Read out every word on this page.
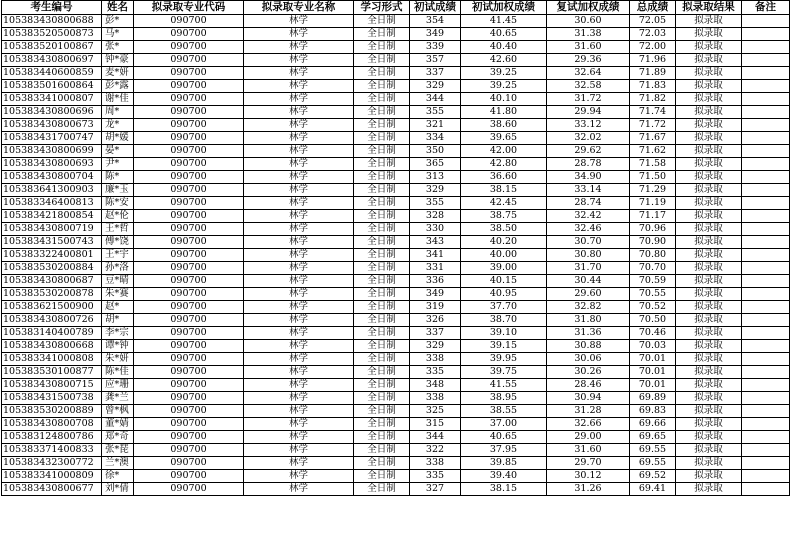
考生编号	姓名	拟录取专业代码	拟录取专业名称	学习形式	初试成绩	初试加权成绩	复试加权成绩	总成绩	拟录取结果	备注
105383430800688	彭*	090700	林学	全日制	354	41.45	30.60	72.05	拟录取	
105383520500873	马*	090700	林学	全日制	349	40.65	31.38	72.03	拟录取	
105383520100867	张*	090700	林学	全日制	339	40.40	31.60	72.00	拟录取	
105383430800697	钟*豪	090700	林学	全日制	357	42.60	29.36	71.96	拟录取	
105383440600859	麦*妍	090700	林学	全日制	337	39.25	32.64	71.89	拟录取	
105383501600864	彭*露	090700	林学	全日制	329	39.25	32.58	71.83	拟录取	
105383341000807	谢*佳	090700	林学	全日制	344	40.10	31.72	71.82	拟录取	
105383430800696	周*	090700	林学	全日制	355	41.80	29.94	71.74	拟录取	
105383430800673	龙*	090700	林学	全日制	321	38.60	33.12	71.72	拟录取	
105383431700747	胡*媛	090700	林学	全日制	334	39.65	32.02	71.67	拟录取	
105383430800699	晏*	090700	林学	全日制	350	42.00	29.62	71.62	拟录取	
105383430800693	尹*	090700	林学	全日制	365	42.80	28.78	71.58	拟录取	
105383430800704	陈*	090700	林学	全日制	313	36.60	34.90	71.50	拟录取	
105383641300903	廉*玉	090700	林学	全日制	329	38.15	33.14	71.29	拟录取	
105383346400813	陈*安	090700	林学	全日制	355	42.45	28.74	71.19	拟录取	
105383421800854	赵*伦	090700	林学	全日制	328	38.75	32.42	71.17	拟录取	
105383430800719	王*哲	090700	林学	全日制	330	38.50	32.46	70.96	拟录取	
105383431500743	傅*饶	090700	林学	全日制	343	40.20	30.70	70.90	拟录取	
105383322400801	王*宇	090700	林学	全日制	341	40.00	30.80	70.80	拟录取	
105383530200884	孙*洛	090700	林学	全日制	331	39.00	31.70	70.70	拟录取	
105383430800687	豆*晴	090700	林学	全日制	336	40.15	30.44	70.59	拟录取	
105383530200878	朱*赛	090700	林学	全日制	349	40.95	29.60	70.55	拟录取	
105383621500900	赵*	090700	林学	全日制	319	37.70	32.82	70.52	拟录取	
105383430800726	胡*	090700	林学	全日制	326	38.70	31.80	70.50	拟录取	
105383140400789	李*宗	090700	林学	全日制	337	39.10	31.36	70.46	拟录取	
105383430800668	谭*钟	090700	林学	全日制	329	39.15	30.88	70.03	拟录取	
105383341000808	朱*妍	090700	林学	全日制	338	39.95	30.06	70.01	拟录取	
105383530100877	陈*佳	090700	林学	全日制	335	39.75	30.26	70.01	拟录取	
105383430800715	应*珊	090700	林学	全日制	348	41.55	28.46	70.01	拟录取	
105383431500738	龚*兰	090700	林学	全日制	338	38.95	30.94	69.89	拟录取	
105383530200889	曾*枫	090700	林学	全日制	325	38.55	31.28	69.83	拟录取	
105383430800708	董*婧	090700	林学	全日制	315	37.00	32.66	69.66	拟录取	
105383124800786	郑*奇	090700	林学	全日制	344	40.65	29.00	69.65	拟录取	
105383371400833	张*琵	090700	林学	全日制	322	37.95	31.60	69.55	拟录取	
105383432300772	兰*澳	090700	林学	全日制	338	39.85	29.70	69.55	拟录取	
105383341000809	徐*	090700	林学	全日制	335	39.40	30.12	69.52	拟录取	
105383430800677	刘*倩	090700	林学	全日制	327	38.15	31.26	69.41	拟录取	
